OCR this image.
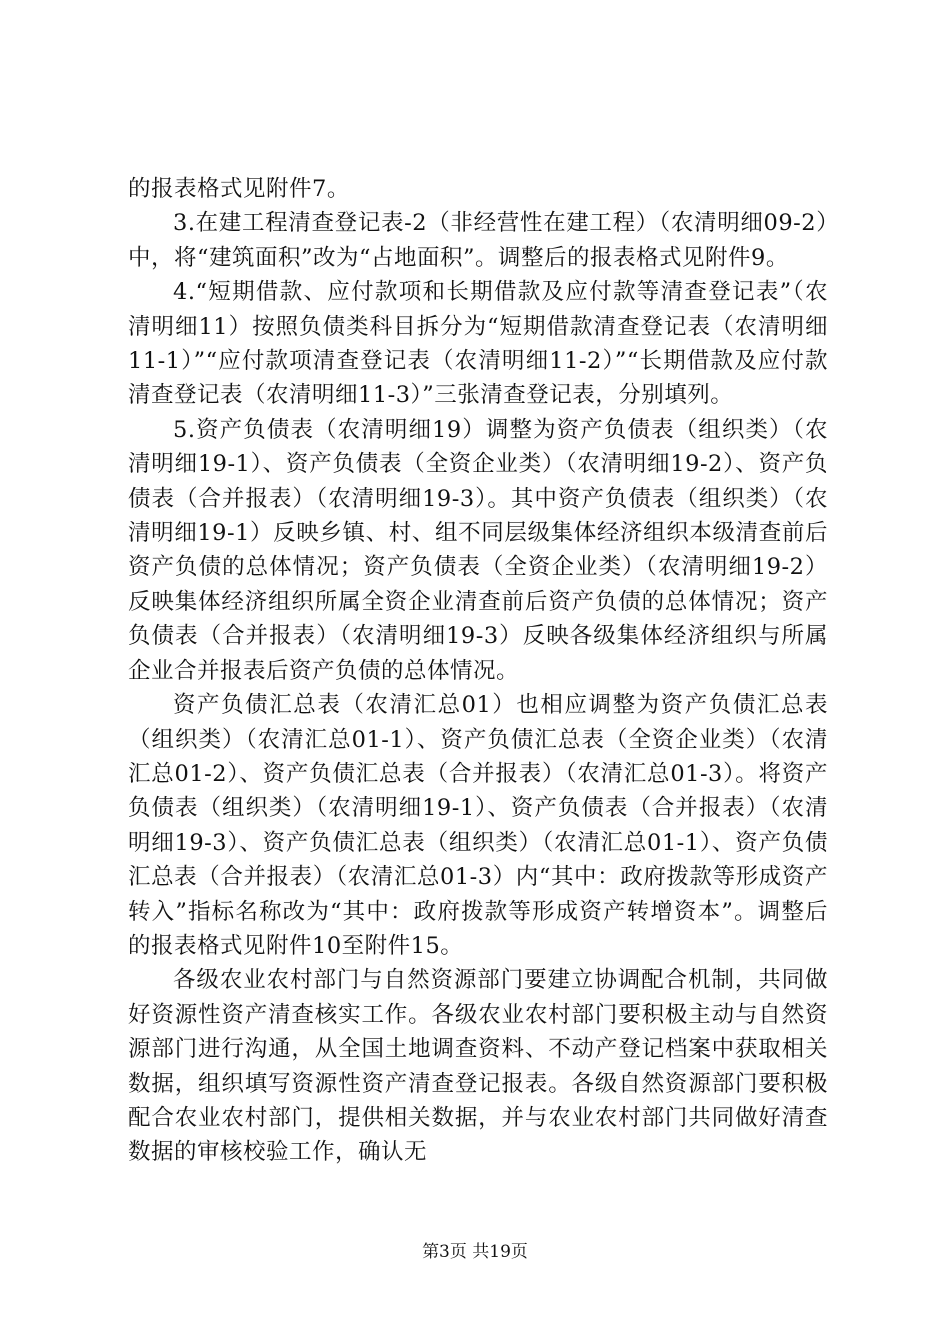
的报表格式见附件7。

3.在建工程清查登记表-2（非经营性在建工程）（农清明细09-2）中，将“建筑面积”改为“占地面积”。调整后的报表格式见附件9。

4.“短期借款、应付款项和长期借款及应付款等清查登记表”（农清明细11）按照负债类科目拆分为“短期借款清查登记表（农清明细11-1）”“应付款项清查登记表（农清明细11-2）”“长期借款及应付款清查登记表（农清明细11-3）”三张清查登记表，分别填列。

5.资产负债表（农清明细19）调整为资产负债表（组织类）（农清明细19-1）、资产负债表（全资企业类）（农清明细19-2）、资产负债表（合并报表）（农清明细19-3）。其中资产负债表（组织类）（农清明细19-1）反映乡镇、村、组不同层级集体经济组织本级清查前后资产负债的总体情况；资产负债表（全资企业类）（农清明细19-2）反映集体经济组织所属全资企业清查前后资产负债的总体情况；资产负债表（合并报表）（农清明细19-3）反映各级集体经济组织与所属企业合并报表后资产负债的总体情况。

资产负债汇总表（农清汇总01）也相应调整为资产负债汇总表（组织类）（农清汇总01-1）、资产负债汇总表（全资企业类）（农清汇总01-2）、资产负债汇总表（合并报表）（农清汇总01-3）。将资产负债表（组织类）（农清明细19-1）、资产负债表（合并报表）（农清明细19-3）、资产负债汇总表（组织类）（农清汇总01-1）、资产负债汇总表（合并报表）（农清汇总01-3）内“其中：政府拨款等形成资产转入”指标名称改为“其中：政府拨款等形成资产转增资本”。调整后的报表格式见附件10至附件15。

各级农业农村部门与自然资源部门要建立协调配合机制，共同做好资源性资产清查核实工作。各级农业农村部门要积极主动与自然资源部门进行沟通，从全国土地调查资料、不动产登记档案中获取相关数据，组织填写资源性资产清查登记报表。各级自然资源部门要积极配合农业农村部门，提供相关数据，并与农业农村部门共同做好清查数据的审核校验工作，确认无

第3页 共19页
